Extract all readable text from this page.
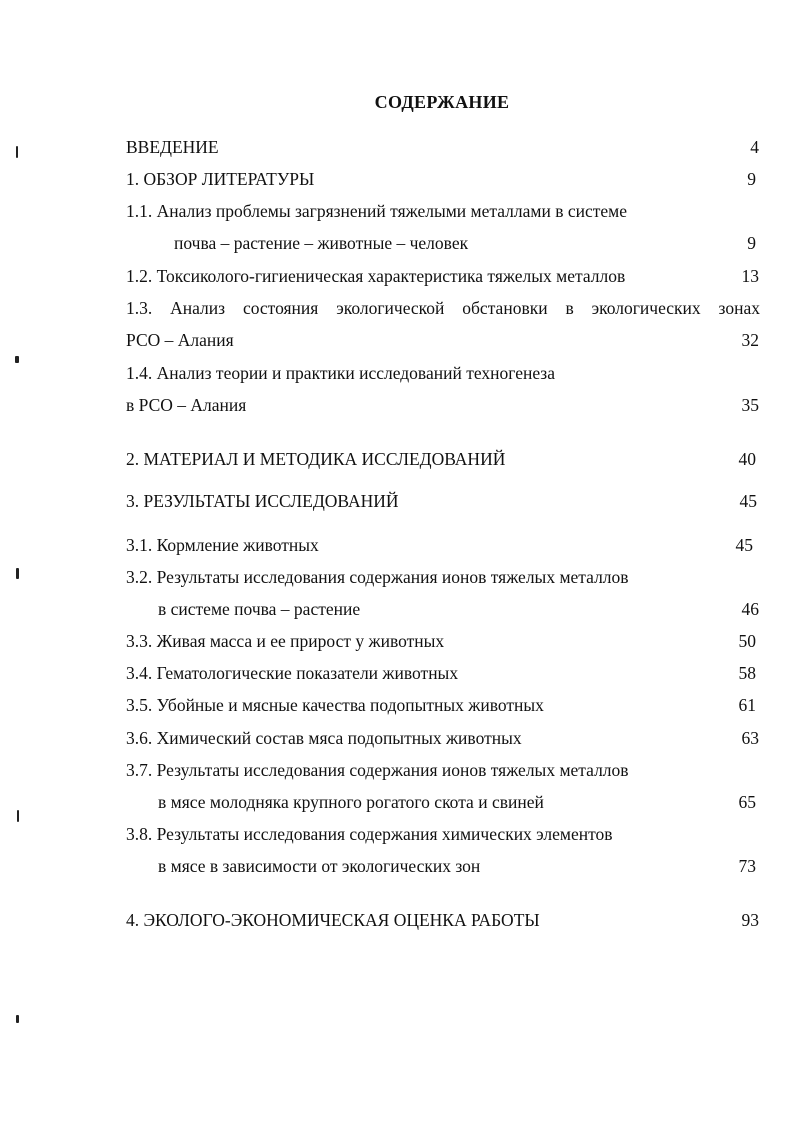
СОДЕРЖАНИЕ
ВВЕДЕНИЕ	4
1. ОБЗОР ЛИТЕРАТУРЫ	9
1.1. Анализ проблемы загрязнений тяжелыми металлами в системе
почва – растение – животные – человек	9
1.2. Токсиколого-гигиеническая характеристика тяжелых металлов	13
1.3. Анализ состояния экологической обстановки в экологических зонах
РСО – Алания	32
1.4. Анализ теории и практики исследований техногенеза
в РСО – Алания	35
2. МАТЕРИАЛ И МЕТОДИКА ИССЛЕДОВАНИЙ	40
3. РЕЗУЛЬТАТЫ ИССЛЕДОВАНИЙ	45
3.1. Кормление животных	45
3.2. Результаты исследования содержания ионов тяжелых металлов
в системе почва – растение	46
3.3. Живая масса и ее прирост у животных	50
3.4. Гематологические показатели животных	58
3.5. Убойные и мясные качества подопытных животных	61
3.6. Химический состав мяса подопытных животных	63
3.7. Результаты исследования содержания ионов тяжелых металлов
в мясе молодняка крупного рогатого скота и свиней	65
3.8. Результаты исследования содержания химических элементов
в мясе в зависимости от экологических зон	73
4. ЭКОЛОГО-ЭКОНОМИЧЕСКАЯ ОЦЕНКА РАБОТЫ	93
